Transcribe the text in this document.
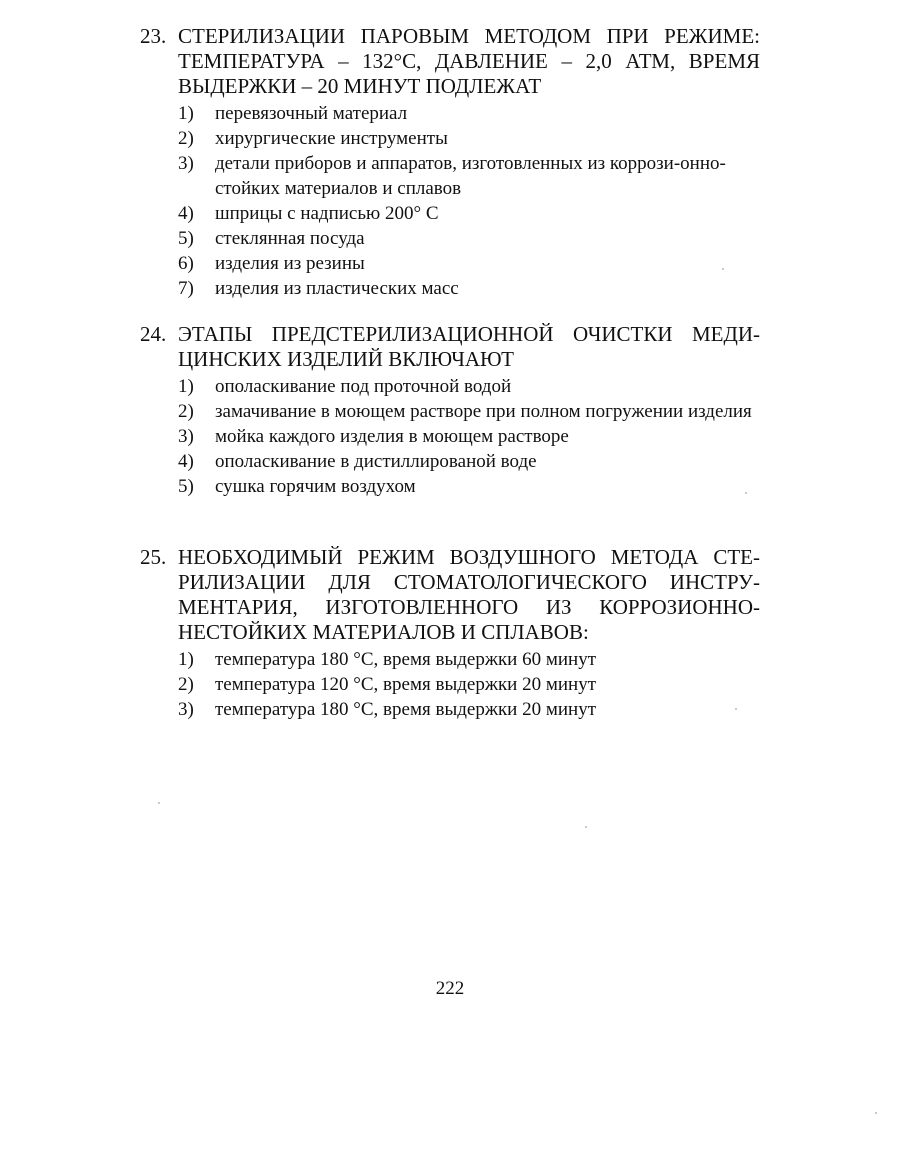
23. СТЕРИЛИЗАЦИИ ПАРОВЫМ МЕТОДОМ ПРИ РЕЖИМЕ: ТЕМПЕРАТУРА – 132°С, ДАВЛЕНИЕ – 2,0 АТМ, ВРЕМЯ ВЫДЕРЖКИ – 20 МИНУТ ПОДЛЕЖАТ
1) перевязочный материал
2) хирургические инструменты
3) детали приборов и аппаратов, изготовленных из коррози-онно-стойких материалов и сплавов
4) шприцы с надписью 200° С
5) стеклянная посуда
6) изделия из резины
7) изделия из пластических масс
24. ЭТАПЫ ПРЕДСТЕРИЛИЗАЦИОННОЙ ОЧИСТКИ МЕДИ-ЦИНСКИХ ИЗДЕЛИЙ ВКЛЮЧАЮТ
1) ополаскивание под проточной водой
2) замачивание в моющем растворе при полном погружении изделия
3) мойка каждого изделия в моющем растворе
4) ополаскивание в дистиллированой воде
5) сушка горячим воздухом
25. НЕОБХОДИМЫЙ РЕЖИМ ВОЗДУШНОГО МЕТОДА СТЕ-РИЛИЗАЦИИ ДЛЯ СТОМАТОЛОГИЧЕСКОГО ИНСТРУ-МЕНТАРИЯ, ИЗГОТОВЛЕННОГО ИЗ КОРРОЗИОННО-НЕСТОЙКИХ МАТЕРИАЛОВ И СПЛАВОВ:
1) температура 180 °С, время выдержки 60 минут
2) температура 120 °С, время выдержки 20 минут
3) температура 180 °С, время выдержки 20 минут
222
